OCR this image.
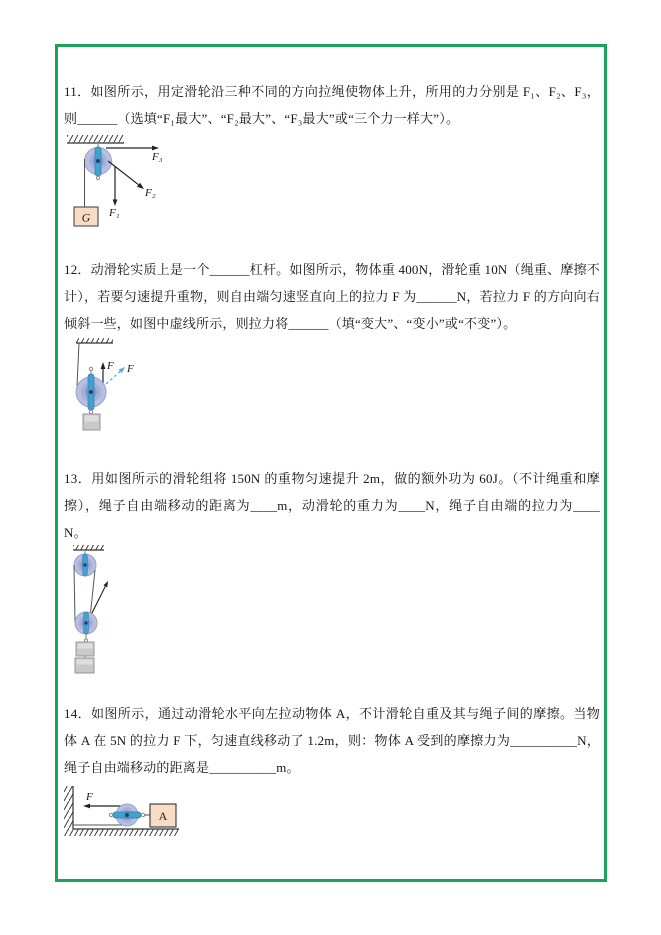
11．如图所示，用定滑轮沿三种不同的方向拉绳使物体上升，所用的力分别是 F₁、F₂、F₃，则______（选填“F₁最大”、“F₂最大”、“F₃最大”或“三个力一样大”）。

G F₁
F₂
F₃

12．动滑轮实质上是一个______杠杆。如图所示，物体重 400N，滑轮重 10N（绳重、摩擦不计），若要匀速提升重物，则自由端匀速竖直向上的拉力 F 为______N，若拉力 F 的方向向右倾斜一些，如图中虚线所示，则拉力将______（填“变大”、“变小”或“不变”）。

F F

13．用如图所示的滑轮组将 150N 的重物匀速提升 2m，做的额外功为 60J。（不计绳重和摩擦），绳子自由端移动的距离为____m，动滑轮的重力为____N，绳子自由端的拉力为____N。

14．如图所示，通过动滑轮水平向左拉动物体 A，不计滑轮自重及其与绳子间的摩擦。当物体 A 在 5N 的拉力 F 下，匀速直线移动了 1.2m，则：物体 A 受到的摩擦力为__________N，绳子自由端移动的距离是__________m。

F
A
